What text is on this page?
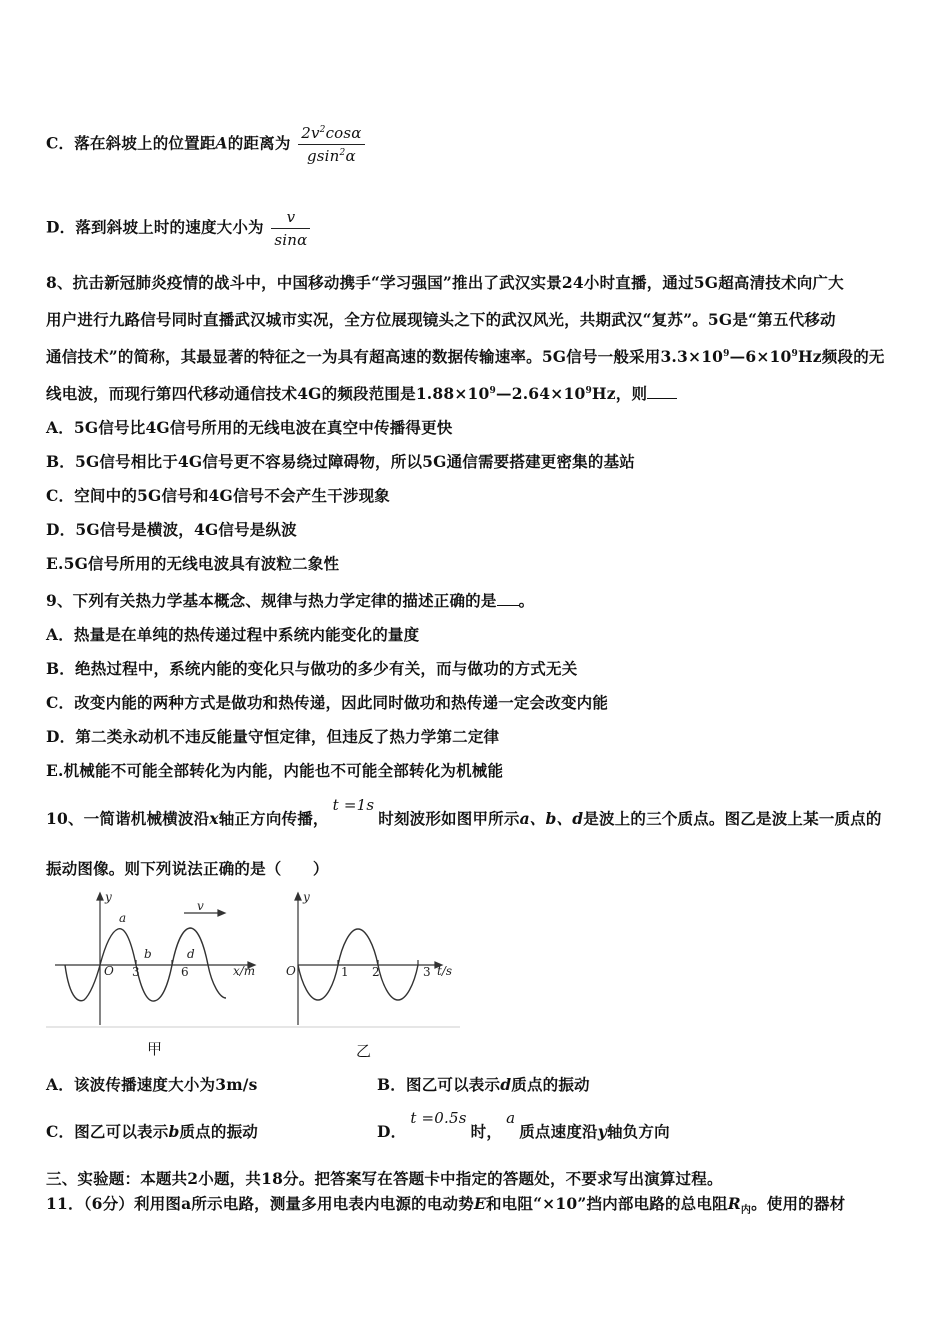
C．落在斜坡上的位置距A的距离为 $\frac{2v^2\cos\alpha}{gsin^2\alpha}$
D．落到斜坡上时的速度大小为 $\frac{v}{\sin\alpha}$
8、抗击新冠肺炎疫情的战斗中，中国移动携手“学习强国”推出了武汉实景24小时直播，通过5G超高清技术向广大
用户进行九路信号同时直播武汉城市实况，全方位展现镜头之下的武汉风光，共期武汉“复苏”。5G是“第五代移动
通信技术”的简称，其最显著的特征之一为具有超高速的数据传输速率。5G信号一般采用$3.3\times 10^9—6\times 10^9Hz$频段的无
线电波，而现行第四代移动通信技术4G的频段范围是$1.88\times 10^9—2.64\times 10^9Hz$，则
A．5G信号比4G信号所用的无线电波在真空中传播得更快
B．5G信号相比于4G信号更不容易绕过障碍物，所以5G通信需要搭建更密集的基站
C．空间中的5G信号和4G信号不会产生干涉现象
D．5G信号是横波，4G信号是纵波
E.5G信号所用的无线电波具有波粒二象性
9、下列有关热力学基本概念、规律与热力学定律的描述正确的是 。
A．热量是在单纯的热传递过程中系统内能变化的量度
B．绝热过程中，系统内能的变化只与做功的多少有关，而与做功的方式无关
C．改变内能的两种方式是做功和热传递，因此同时做功和热传递一定会改变内能
D．第二类永动机不违反能量守恒定律，但违反了热力学第二定律
E.机械能不可能全部转化为内能，内能也不可能全部转化为机械能
10、一简谐机械横波沿x轴正方向传播，t =1s时刻波形如图甲所示a、b、d是波上的三个质点。图乙是波上某一质点的
振动图像。则下列说法正确的是（　　）
y
a
v
b	d
x/m
O 3	6
y
O	1 2	3 t/s
甲	乙
A．该波传播速度大小为3m/s	B．图乙可以表示d质点的振动
C．图乙可以表示b质点的振动	D．t =0.5s时，a质点速度沿y轴负方向
三、实验题：本题共2小题，共18分。把答案写在答题卡中指定的答题处，不要求写出演算过程。
11．（6分）利用图a所示电路，测量多用电表内电源的电动势E和电阻“×10”挡内部电路的总电阻$R_内$。使用的器材
